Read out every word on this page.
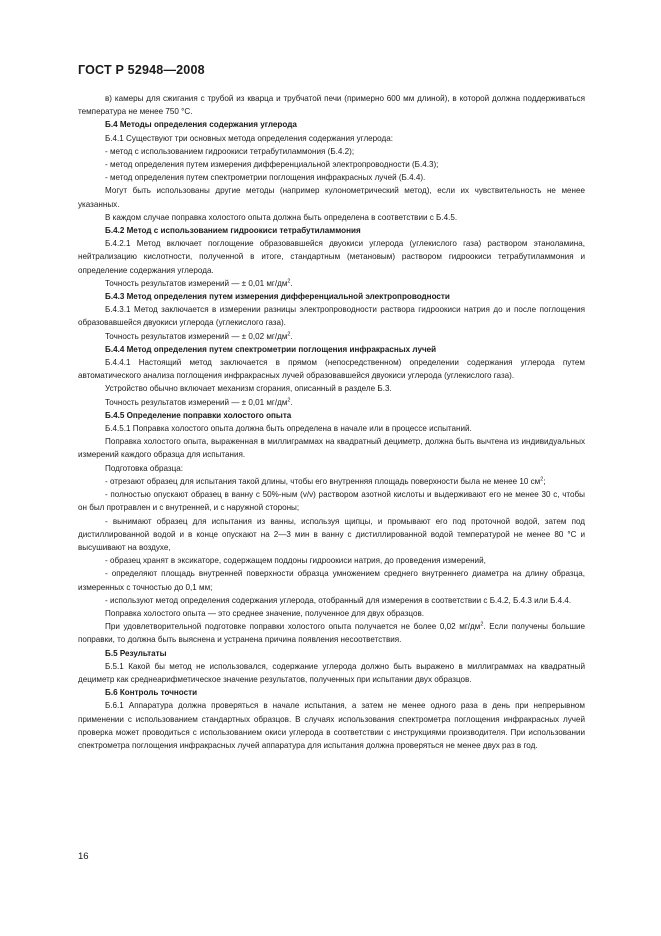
ГОСТ Р 52948—2008

в) камеры для сжигания с трубой из кварца и трубчатой печи (примерно 600 мм длиной), в которой должна поддерживаться температура не менее 750 °С.

Б.4 Методы определения содержания углерода

Б.4.1 Существуют три основных метода определения содержания углерода:

- метод с использованием гидроокиси тетрабутиламмония (Б.4.2);

- метод определения путем измерения дифференциальной электропроводности (Б.4.3);

- метод определения путем спектрометрии поглощения инфракрасных лучей (Б.4.4).

Могут быть использованы другие методы (например кулонометрический метод), если их чувствительность не менее указанных.

В каждом случае поправка холостого опыта должна быть определена в соответствии с Б.4.5.

Б.4.2 Метод с использованием гидроокиси тетрабутиламмония

Б.4.2.1 Метод включает поглощение образовавшейся двуокиси углерода (углекислого газа) раствором этаноламина, нейтрализацию кислотности, полученной в итоге, стандартным (метановым) раствором гидроокиси тетрабутиламмония и определение содержания углерода.

Точность результатов измерений — ± 0,01 $мг/дм^2$.

Б.4.3 Метод определения путем измерения дифференциальной электропроводности

Б.4.3.1 Метод заключается в измерении разницы электропроводности раствора гидроокиси натрия до и после поглощения образовавшейся двуокиси углерода (углекислого газа).

Точность результатов измерений — ± 0,02 $мг/дм^2$.

Б.4.4 Метод определения путем спектрометрии поглощения инфракрасных лучей

Б.4.4.1 Настоящий метод заключается в прямом (непосредственном) определении содержания углерода путем автоматического анализа поглощения инфракрасных лучей образовавшейся двуокиси углерода (углекислого газа).

Устройство обычно включает механизм сгорания, описанный в разделе Б.3.

Точность результатов измерений — ± 0,01 $мг/дм^2$.

Б.4.5 Определение поправки холостого опыта

Б.4.5.1 Поправка холостого опыта должна быть определена в начале или в процессе испытаний.

Поправка холостого опыта, выраженная в миллиграммах на квадратный дециметр, должна быть вычтена из индивидуальных измерений каждого образца для испытания.

Подготовка образца:

- отрезают образец для испытания такой длины, чтобы его внутренняя площадь поверхности была не менее 10 $см^2$;

- полностью опускают образец в ванну с 50%-ным (v/v) раствором азотной кислоты и выдерживают его не менее 30 с, чтобы он был протравлен и с внутренней, и с наружной стороны;

- вынимают образец для испытания из ванны, используя щипцы, и промывают его под проточной водой, затем под дистиллированной водой и в конце опускают на 2—3 мин в ванну с дистиллированной водой температурой не менее 80 °С и высушивают на воздухе,

- образец хранят в эксикаторе, содержащем поддоны гидроокиси натрия, до проведения измерений,

- определяют площадь внутренней поверхности образца умножением среднего внутреннего диаметра на длину образца, измеренных с точностью до 0,1 мм;

- используют метод определения содержания углерода, отобранный для измерения в соответствии с Б.4.2, Б.4.3 или Б.4.4.

Поправка холостого опыта — это среднее значение, полученное для двух образцов.

При удовлетворительной подготовке поправки холостого опыта получается не более 0,02 $мг/дм^2$. Если получены большие поправки, то должна быть выяснена и устранена причина появления несоответствия.

Б.5 Результаты

Б.5.1 Какой бы метод не использовался, содержание углерода должно быть выражено в миллиграммах на квадратный дециметр как среднеарифметическое значение результатов, полученных при испытании двух образцов.

Б.6 Контроль точности

Б.6.1 Аппаратура должна проверяться в начале испытания, а затем не менее одного раза в день при непрерывном применении с использованием стандартных образцов. В случаях использования спектрометра поглощения инфракрасных лучей проверка может проводиться с использованием окиси углерода в соответствии с инструкциями производителя. При использовании спектрометра поглощения инфракрасных лучей аппаратура для испытания должна проверяться не менее двух раз в год.

16
